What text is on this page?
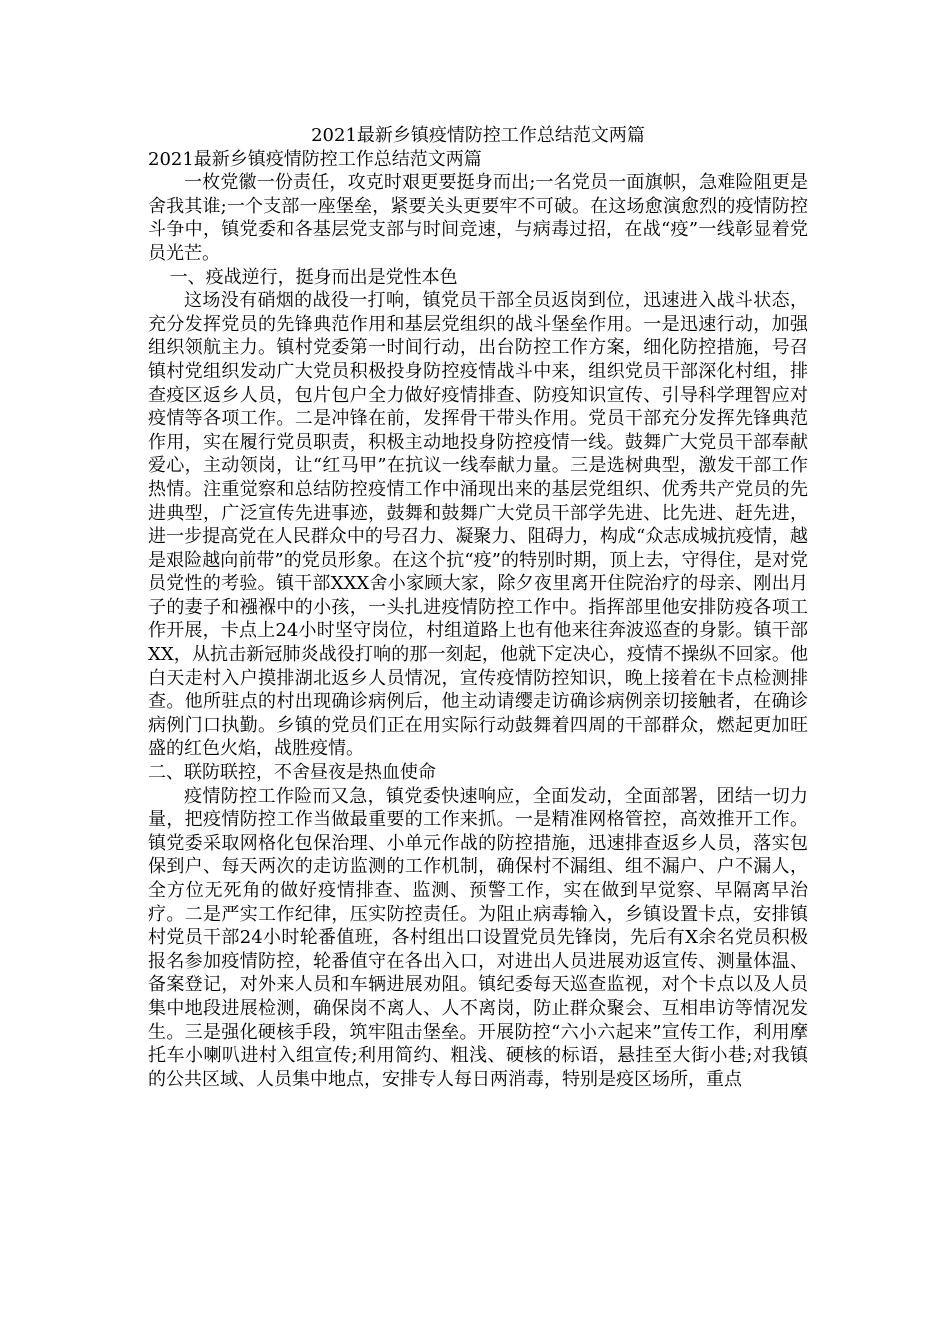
2021最新乡镇疫情防控工作总结范文两篇
2021最新乡镇疫情防控工作总结范文两篇

一枚党徽一份责任，攻克时艰更要挺身而出;一名党员一面旗帜，急难险阻更是舍我其谁;一个支部一座堡垒，紧要关头更要牢不可破。在这场愈演愈烈的疫情防控斗争中，镇党委和各基层党支部与时间竞速，与病毒过招，在战“疫”一线彰显着党员光芒。

一、疫战逆行，挺身而出是党性本色

这场没有硝烟的战役一打响，镇党员干部全员返岗到位，迅速进入战斗状态，充分发挥党员的先锋典范作用和基层党组织的战斗堡垒作用。一是迅速行动，加强组织领航主力。镇村党委第一时间行动，出台防控工作方案，细化防控措施，号召镇村党组织发动广大党员积极投身防控疫情战斗中来，组织党员干部深化村组，排查疫区返乡人员，包片包户全力做好疫情排查、防疫知识宣传、引导科学理智应对疫情等各项工作。二是冲锋在前，发挥骨干带头作用。党员干部充分发挥先锋典范作用，实在履行党员职责，积极主动地投身防控疫情一线。鼓舞广大党员干部奉献爱心，主动领岗，让“红马甲”在抗议一线奉献力量。三是选树典型，激发干部工作热情。注重觉察和总结防控疫情工作中涌现出来的基层党组织、优秀共产党员的先进典型，广泛宣传先进事迹，鼓舞和鼓舞广大党员干部学先进、比先进、赶先进，进一步提高党在人民群众中的号召力、凝聚力、阻碍力，构成“众志成城抗疫情，越是艰险越向前带”的党员形象。在这个抗“疫”的特别时期，顶上去，守得住，是对党员党性的考验。镇干部XXX舍小家顾大家，除夕夜里离开住院治疗的母亲、刚出月子的妻子和襁褓中的小孩，一头扎进疫情防控工作中。指挥部里他安排防疫各项工作开展，卡点上24小时坚守岗位，村组道路上也有他来往奔波巡查的身影。镇干部XX，从抗击新冠肺炎战役打响的那一刻起，他就下定决心，疫情不操纵不回家。他白天走村入户摸排湖北返乡人员情况，宣传疫情防控知识，晚上接着在卡点检测排查。他所驻点的村出现确诊病例后，他主动请缨走访确诊病例亲切接触者，在确诊病例门口执勤。乡镇的党员们正在用实际行动鼓舞着四周的干部群众，燃起更加旺盛的红色火焰，战胜疫情。

二、联防联控，不舍昼夜是热血使命

疫情防控工作险而又急，镇党委快速响应，全面发动，全面部署，团结一切力量，把疫情防控工作当做最重要的工作来抓。一是精准网格管控，高效推开工作。镇党委采取网格化包保治理、小单元作战的防控措施，迅速排查返乡人员，落实包保到户、每天两次的走访监测的工作机制，确保村不漏组、组不漏户、户不漏人，全方位无死角的做好疫情排查、监测、预警工作，实在做到早觉察、早隔离早治疗。二是严实工作纪律，压实防控责任。为阻止病毒输入，乡镇设置卡点，安排镇村党员干部24小时轮番值班，各村组出口设置党员先锋岗，先后有X余名党员积极报名参加疫情防控，轮番值守在各出入口，对进出人员进展劝返宣传、测量体温、备案登记，对外来人员和车辆进展劝阻。镇纪委每天巡查监视，对个卡点以及人员集中地段进展检测，确保岗不离人、人不离岗，防止群众聚会、互相串访等情况发生。三是强化硬核手段，筑牢阻击堡垒。开展防控“六小六起来”宣传工作，利用摩托车小喇叭进村入组宣传;利用简约、粗浅、硬核的标语，悬挂至大街小巷;对我镇的公共区域、人员集中地点，安排专人每日两消毒，特别是疫区场所，重点
